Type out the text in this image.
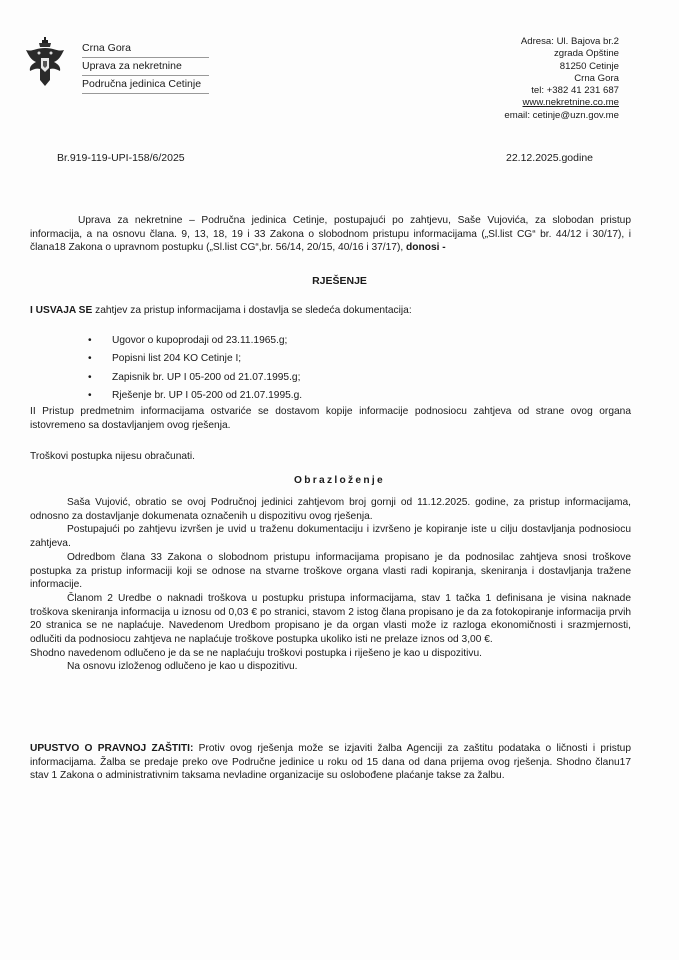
Crna Gora
Uprava za nekretnine
Područna jedinica Cetinje
Adresa: Ul. Bajova br.2
zgrada Opštine
81250 Cetinje
Crna Gora
tel: +382 41 231 687
www.nekretnine.co.me
email: cetinje@uzn.gov.me
Br.919-119-UPI-158/6/2025	22.12.2025.godine
Uprava za nekretnine – Područna jedinica Cetinje, postupajući po zahtjevu, Saše Vujovića, za slobodan pristup informacija, a na osnovu člana. 9, 13, 18, 19 i 33 Zakona o slobodnom pristupu informacijama („Sl.list CG“ br. 44/12 i 30/17), i člana18 Zakona o upravnom postupku („Sl.list CG“,br. 56/14, 20/15, 40/16 i 37/17), donosi -
RJEŠENJE
I USVAJA SE zahtjev za pristup informacijama i dostavlja se sledeća dokumentacija:
• Ugovor o kupoprodaji od 23.11.1965.g;
• Popisni list 204 KO Cetinje I;
• Zapisnik br. UP I 05-200 od 21.07.1995.g;
• Rješenje br. UP I 05-200 od 21.07.1995.g.
II Pristup predmetnim informacijama ostvariće se dostavom kopije informacije podnosiocu zahtjeva od strane ovog organa istovremeno sa dostavljanjem ovog rješenja.
Troškovi postupka nijesu obračunati.
Obrazloženje

Saša Vujović, obratio se ovoj Područnoj jedinici zahtjevom broj gornji od 11.12.2025. godine, za pristup informacijama, odnosno za dostavljanje dokumenata označenih u dispozitivu ovog rješenja.

Postupajući po zahtjevu izvršen je uvid u traženu dokumentaciju i izvršeno je kopiranje iste u cilju dostavljanja podnosiocu zahtjeva.

Odredbom člana 33 Zakona o slobodnom pristupu informacijama propisano je da podnosilac zahtjeva snosi troškove postupka za pristup informaciji koji se odnose na stvarne troškove organa vlasti radi kopiranja, skeniranja i dostavljanja tražene informacije.

Članom 2 Uredbe o naknadi troškova u postupku pristupa informacijama, stav 1 tačka 1 definisana je visina naknade troškova skeniranja informacija u iznosu od 0,03 € po stranici, stavom 2 istog člana propisano je da za fotokopiranje informacija prvih 20 stranica se ne naplaćuje. Navedenom Uredbom propisano je da organ vlasti može iz razloga ekonomičnosti i srazmjernosti, odlučiti da podnosiocu zahtjeva ne naplaćuje troškove postupka ukoliko isti ne prelaze iznos od 3,00 €.

Shodno navedenom odlučeno je da se ne naplaćuju troškovi postupka i riješeno je kao u dispozitivu.

Na osnovu izloženog odlučeno je kao u dispozitivu.

UPUSTVO O PRAVNOJ ZAŠTITI: Protiv ovog rješenja može se izjaviti žalba Agenciji za zaštitu podataka o ličnosti i pristup informacijama. Žalba se predaje preko ove Područne jedinice u roku od 15 dana od dana prijema ovog rješenja. Shodno članu17 stav 1 Zakona o administrativnim taksama nevladine organizacije su oslobođene plaćanje takse za žalbu.
